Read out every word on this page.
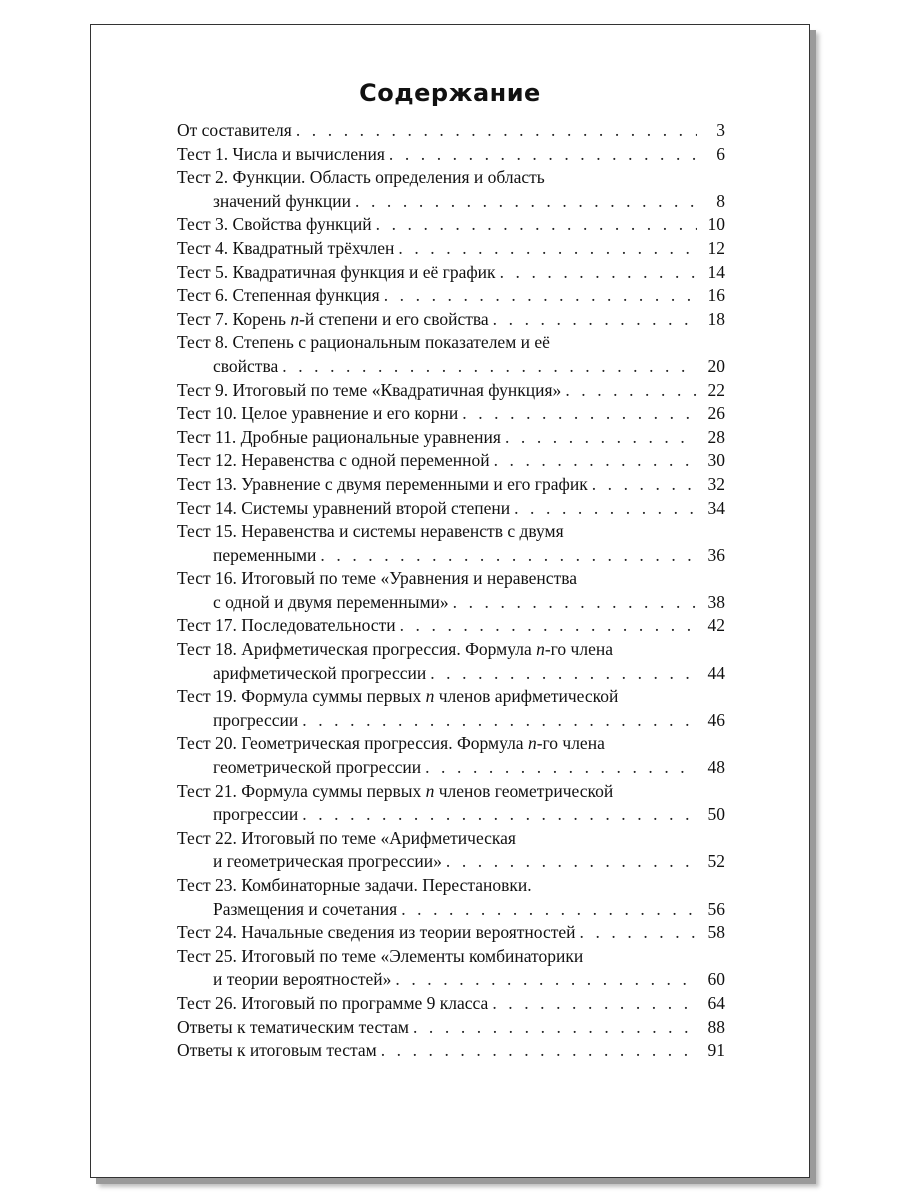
Содержание
От составителя . . .	3
Тест 1. Числа и вычисления . . .	6
Тест 2. Функции. Область определения и область
значений функции . . .	8
Тест 3. Свойства функций . . .	10
Тест 4. Квадратный трёхчлен . . .	12
Тест 5. Квадратичная функция и её график . . .	14
Тест 6. Степенная функция . . .	16
Тест 7. Корень n-й степени и его свойства . . .	18
Тест 8. Степень с рациональным показателем и её
свойства . . .	20
Тест 9. Итоговый по теме «Квадратичная функция» . . .	22
Тест 10. Целое уравнение и его корни . . .	26
Тест 11. Дробные рациональные уравнения . . .	28
Тест 12. Неравенства с одной переменной . . .	30
Тест 13. Уравнение с двумя переменными и его график . . .	32
Тест 14. Системы уравнений второй степени . . .	34
Тест 15. Неравенства и системы неравенств с двумя
переменными . . .	36
Тест 16. Итоговый по теме «Уравнения и неравенства
с одной и двумя переменными» . . .	38
Тест 17. Последовательности . . .	42
Тест 18. Арифметическая прогрессия. Формула n-го члена
арифметической прогрессии . . .	44
Тест 19. Формула суммы первых n членов арифметической
прогрессии . . .	46
Тест 20. Геометрическая прогрессия. Формула n-го члена
геометрической прогрессии . . .	48
Тест 21. Формула суммы первых n членов геометрической
прогрессии . . .	50
Тест 22. Итоговый по теме «Арифметическая
и геометрическая прогрессии» . . .	52
Тест 23. Комбинаторные задачи. Перестановки.
Размещения и сочетания . . .	56
Тест 24. Начальные сведения из теории вероятностей . . .	58
Тест 25. Итоговый по теме «Элементы комбинаторики
и теории вероятностей» . . .	60
Тест 26. Итоговый по программе 9 класса . . .	64
Ответы к тематическим тестам . . .	88
Ответы к итоговым тестам . . .	91
